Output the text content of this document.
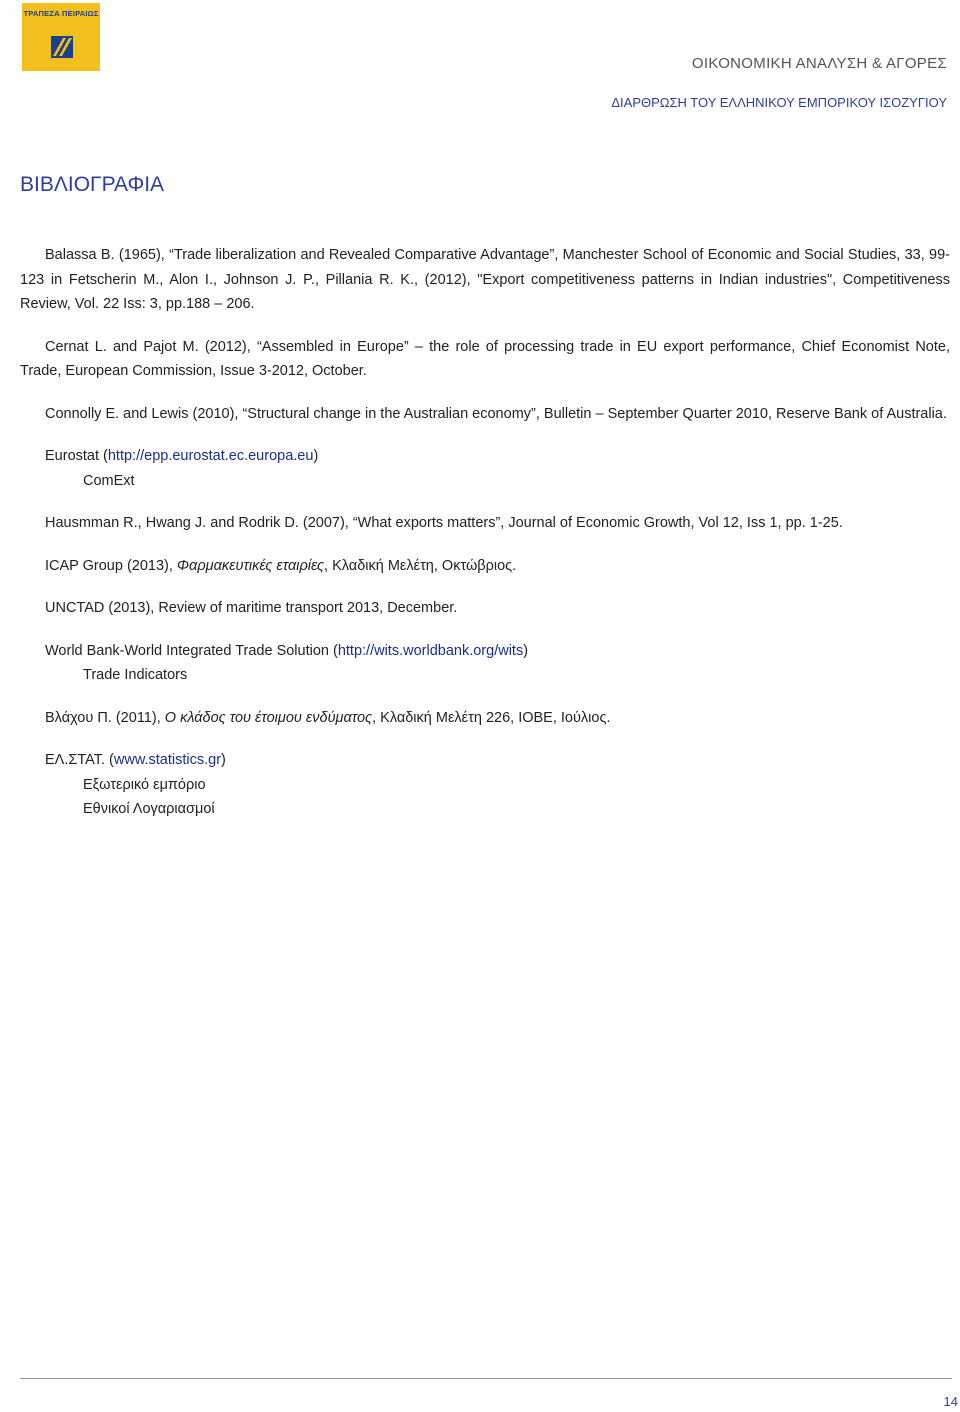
ΤΡΑΠΕΖΑ ΠΕΙΡΑΙΩΣ
ΟΙΚΟΝΟΜΙΚΗ ΑΝΑΛΥΣΗ & ΑΓΟΡΕΣ
ΔΙΑΡΘΡΩΣΗ ΤΟΥ ΕΛΛΗΝΙΚΟΥ ΕΜΠΟΡΙΚΟΥ ΙΣΟΖΥΓΙΟΥ
ΒΙΒΛΙΟΓΡΑΦΙΑ

Balassa B. (1965), “Trade liberalization and Revealed Comparative Advantage”, Manchester School of Economic and Social Studies, 33, 99-123 in Fetscherin M., Alon I., Johnson J. P., Pillania R. K., (2012), "Export competitiveness patterns in Indian industries", Competitiveness Review, Vol. 22 Iss: 3, pp.188 – 206.

Cernat L. and Pajot M. (2012), “Assembled in Europe” – the role of processing trade in EU export performance, Chief Economist Note, Trade, European Commission, Issue 3-2012, October.

Connolly E. and Lewis (2010), “Structural change in the Australian economy”, Bulletin – September Quarter 2010, Reserve Bank of Australia.

Eurostat (http://epp.eurostat.ec.europa.eu)

ComExt

Hausmman R., Hwang J. and Rodrik D. (2007), “What exports matters”, Journal of Economic Growth, Vol 12, Iss 1, pp. 1-25.

ICAP Group (2013), Φαρμακευτικές εταιρίες, Κλαδική Μελέτη, Οκτώβριος.

UNCTAD (2013), Review of maritime transport 2013, December.

World Bank-World Integrated Trade Solution (http://wits.worldbank.org/wits)

Trade Indicators

Βλάχου Π. (2011), Ο κλάδος του έτοιμου ενδύματος, Κλαδική Μελέτη 226, ΙΟΒΕ, Ιούλιος.

ΕΛ.ΣΤΑΤ. (www.statistics.gr)

Εξωτερικό εμπόριο
Εθνικοί Λογαριασμοί
14
